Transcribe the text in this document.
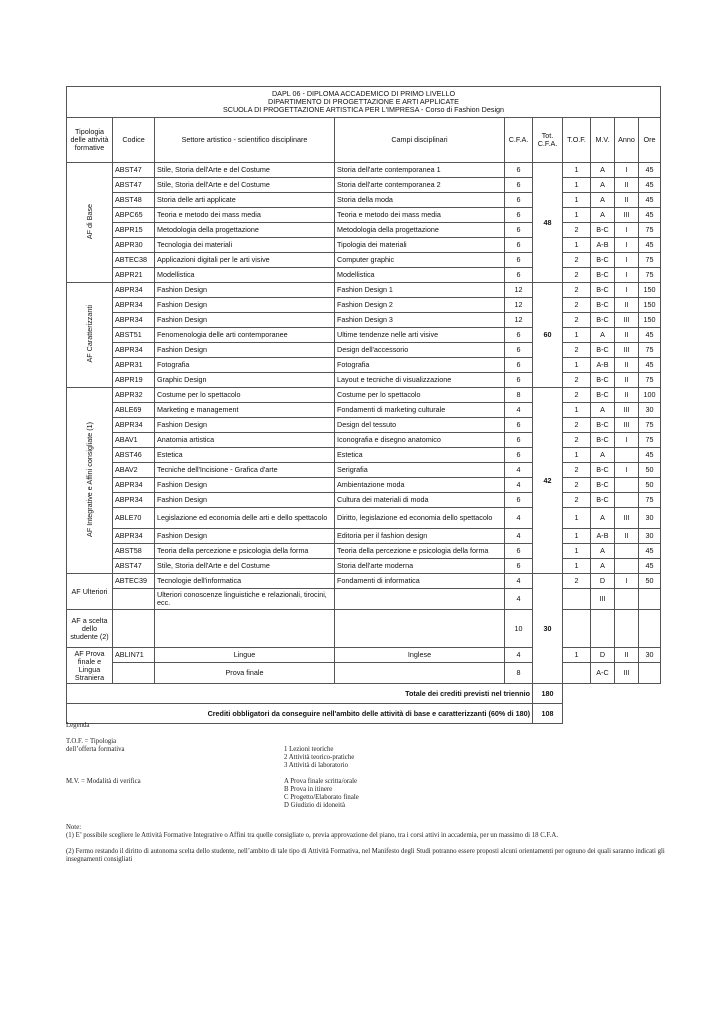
DAPL 06 - DIPLOMA ACCADEMICO DI PRIMO LIVELLO
DIPARTIMENTO DI PROGETTAZIONE E ARTI APPLICATE
SCUOLA DI PROGETTAZIONE ARTISTICA PER L'IMPRESA - Corso di Fashion Design									

Tipologia delle attività formative	Codice	Settore artistico - scientifico disciplinare	Campi disciplinari	C.F.A.	Tot. C.F.A.	T.O.F.	M.V.	Anno	Ore
AF di Base	ABST47	Stile, Storia dell'Arte e del Costume	Storia dell'arte contemporanea 1	6	48	1	A	I	45
	ABST47	Stile, Storia dell'Arte e del Costume	Storia dell'arte contemporanea 2	6		1	A	II	45
	ABST48	Storia delle arti applicate	Storia della moda	6		1	A	II	45
	ABPC65	Teoria e metodo dei mass media	Teoria e metodo dei mass media	6		1	A	III	45
	ABPR15	Metodologia della progettazione	Metodologia della progettazione	6		2	B-C	I	75
	ABPR30	Tecnologia dei materiali	Tipologia dei materiali	6		1	A-B	I	45
	ABTEC38	Applicazioni digitali per le arti visive	Computer graphic	6		2	B-C	I	75
	ABPR21	Modellistica	Modellistica	6		2	B-C	I	75
AF Caratterizzanti	ABPR34	Fashion Design	Fashion Design 1	12	60	2	B-C	I	150
	ABPR34	Fashion Design	Fashion Design 2	12		2	B-C	II	150
	ABPR34	Fashion Design	Fashion Design 3	12		2	B-C	III	150
	ABST51	Fenomenologia delle arti contemporanee	Ultime tendenze nelle arti visive	6		1	A	II	45
	ABPR34	Fashion Design	Design dell'accessorio	6		2	B-C	III	75
	ABPR31	Fotografia	Fotografia	6		1	A-B	II	45
	ABPR19	Graphic Design	Layout e tecniche di visualizzazione	6		2	B-C	II	75
AF Integrative e Affini consigliate (1)	ABPR32	Costume per lo spettacolo	Costume per lo spettacolo	8	42	2	B-C	II	100
	ABLE69	Marketing e management	Fondamenti di marketing culturale	4		1	A	III	30
	ABPR34	Fashion Design	Design del tessuto	6		2	B-C	III	75
	ABAV1	Anatomia artistica	Iconografia e disegno anatomico	6		2	B-C	I	75
	ABST46	Estetica	Estetica	6		1	A		45
	ABAV2	Tecniche dell'Incisione - Grafica d'arte	Serigrafia	4		2	B-C	I	50
	ABPR34	Fashion Design	Ambientazione moda	4		2	B-C		50
	ABPR34	Fashion Design	Cultura dei materiali di moda	6		2	B-C		75
	ABLE70	Legislazione ed economia delle arti e dello spettacolo	Diritto, legislazione ed economia dello spettacolo	4		1	A	III	30
	ABPR34	Fashion Design	Editoria per il fashion design	4		1	A-B	II	30
	ABST58	Teoria della percezione e psicologia della forma	Teoria della percezione e psicologia della forma	6		1	A		45
	ABST47	Stile, Storia dell'Arte e del Costume	Storia dell'arte moderna	6		1	A		45
AF Ulteriori	ABTEC39	Tecnologie dell'informatica	Fondamenti di informatica	4	30	2	D	I	50
		Ulteriori conoscenze linguistiche e relazionali, tirocini, ecc.		4			III		
AF a scelta dello studente (2)				10					
AF Prova finale e Lingua Straniera	ABLIN71	Lingue	Inglese	4		1	D	II	30
		Prova finale		8			A-C	III	
Totale dei crediti previsti nel triennio					180				
Crediti obbligatori da conseguire nell'ambito delle attività di base e caratterizzanti (60% di 180)					108				
Legenda
T.O.F. = Tipologia
dell’offerta formativa	1 Lezioni teoriche
2 Attività teorico-pratiche
3 Attività di laboratorio
M.V. = Modalità di verifica	A Prova finale scritta/orale
B Prova in itinere
C Progetto/Elaborato finale
D Giudizio di idoneità
Note:
(1) E’ possibile scegliere le Attività Formative Integrative o Affini tra quelle consigliate o, previa approvazione del piano, tra i corsi attivi in accademia, per un massimo di 18 C.F.A.
(2) Fermo restando il diritto di autonoma scelta dello studente, nell’ambito di tale tipo di Attività Formativa, nel Manifesto degli Studi potranno essere proposti alcuni orientamenti per ognuno dei quali saranno indicati gli insegnamenti consigliati
